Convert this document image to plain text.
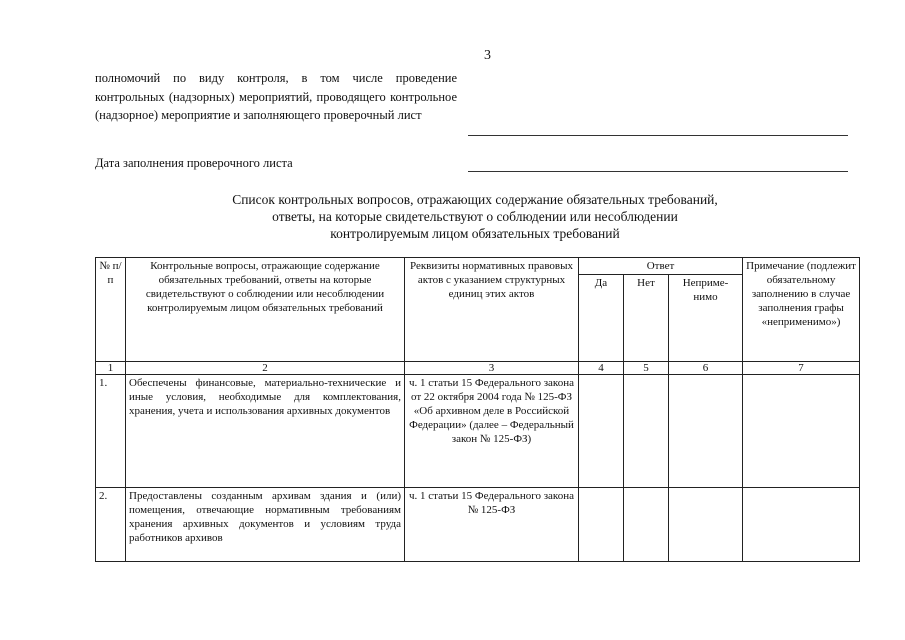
3
полномочий по виду контроля, в том числе проведение контрольных (надзорных) мероприятий, проводящего контрольное (надзорное) мероприятие и заполняющего проверочный лист
Дата заполнения проверочного листа
Список контрольных вопросов, отражающих содержание обязательных требований,
ответы, на которые свидетельствуют о соблюдении или несоблюдении
контролируемым лицом обязательных требований
№ п/п	Контрольные вопросы, отражающие содержание обязательных требований, ответы на которые свидетельствуют о соблюдении или несоблюдении контролируемым лицом обязательных требований	Реквизиты нормативных правовых актов с указанием структурных единиц этих актов	Ответ			Примечание (подлежит обязательному заполнению в случае заполнения графы «неприменимо»)
			Да	Нет	Неприме-нимо	
1	2	3	4	5	6	7
1.	Обеспечены финансовые, материально-технические и иные условия, необходимые для комплектования, хранения, учета и использования архивных документов	ч. 1 статьи 15 Федерального закона от 22 октября 2004 года № 125-ФЗ «Об архивном деле в Российской Федерации» (далее – Федеральный закон № 125-ФЗ)				
2.	Предоставлены созданным архивам здания и (или) помещения, отвечающие нормативным требованиям хранения архивных документов и условиям труда работников архивов	ч. 1 статьи 15 Федерального закона № 125-ФЗ				
